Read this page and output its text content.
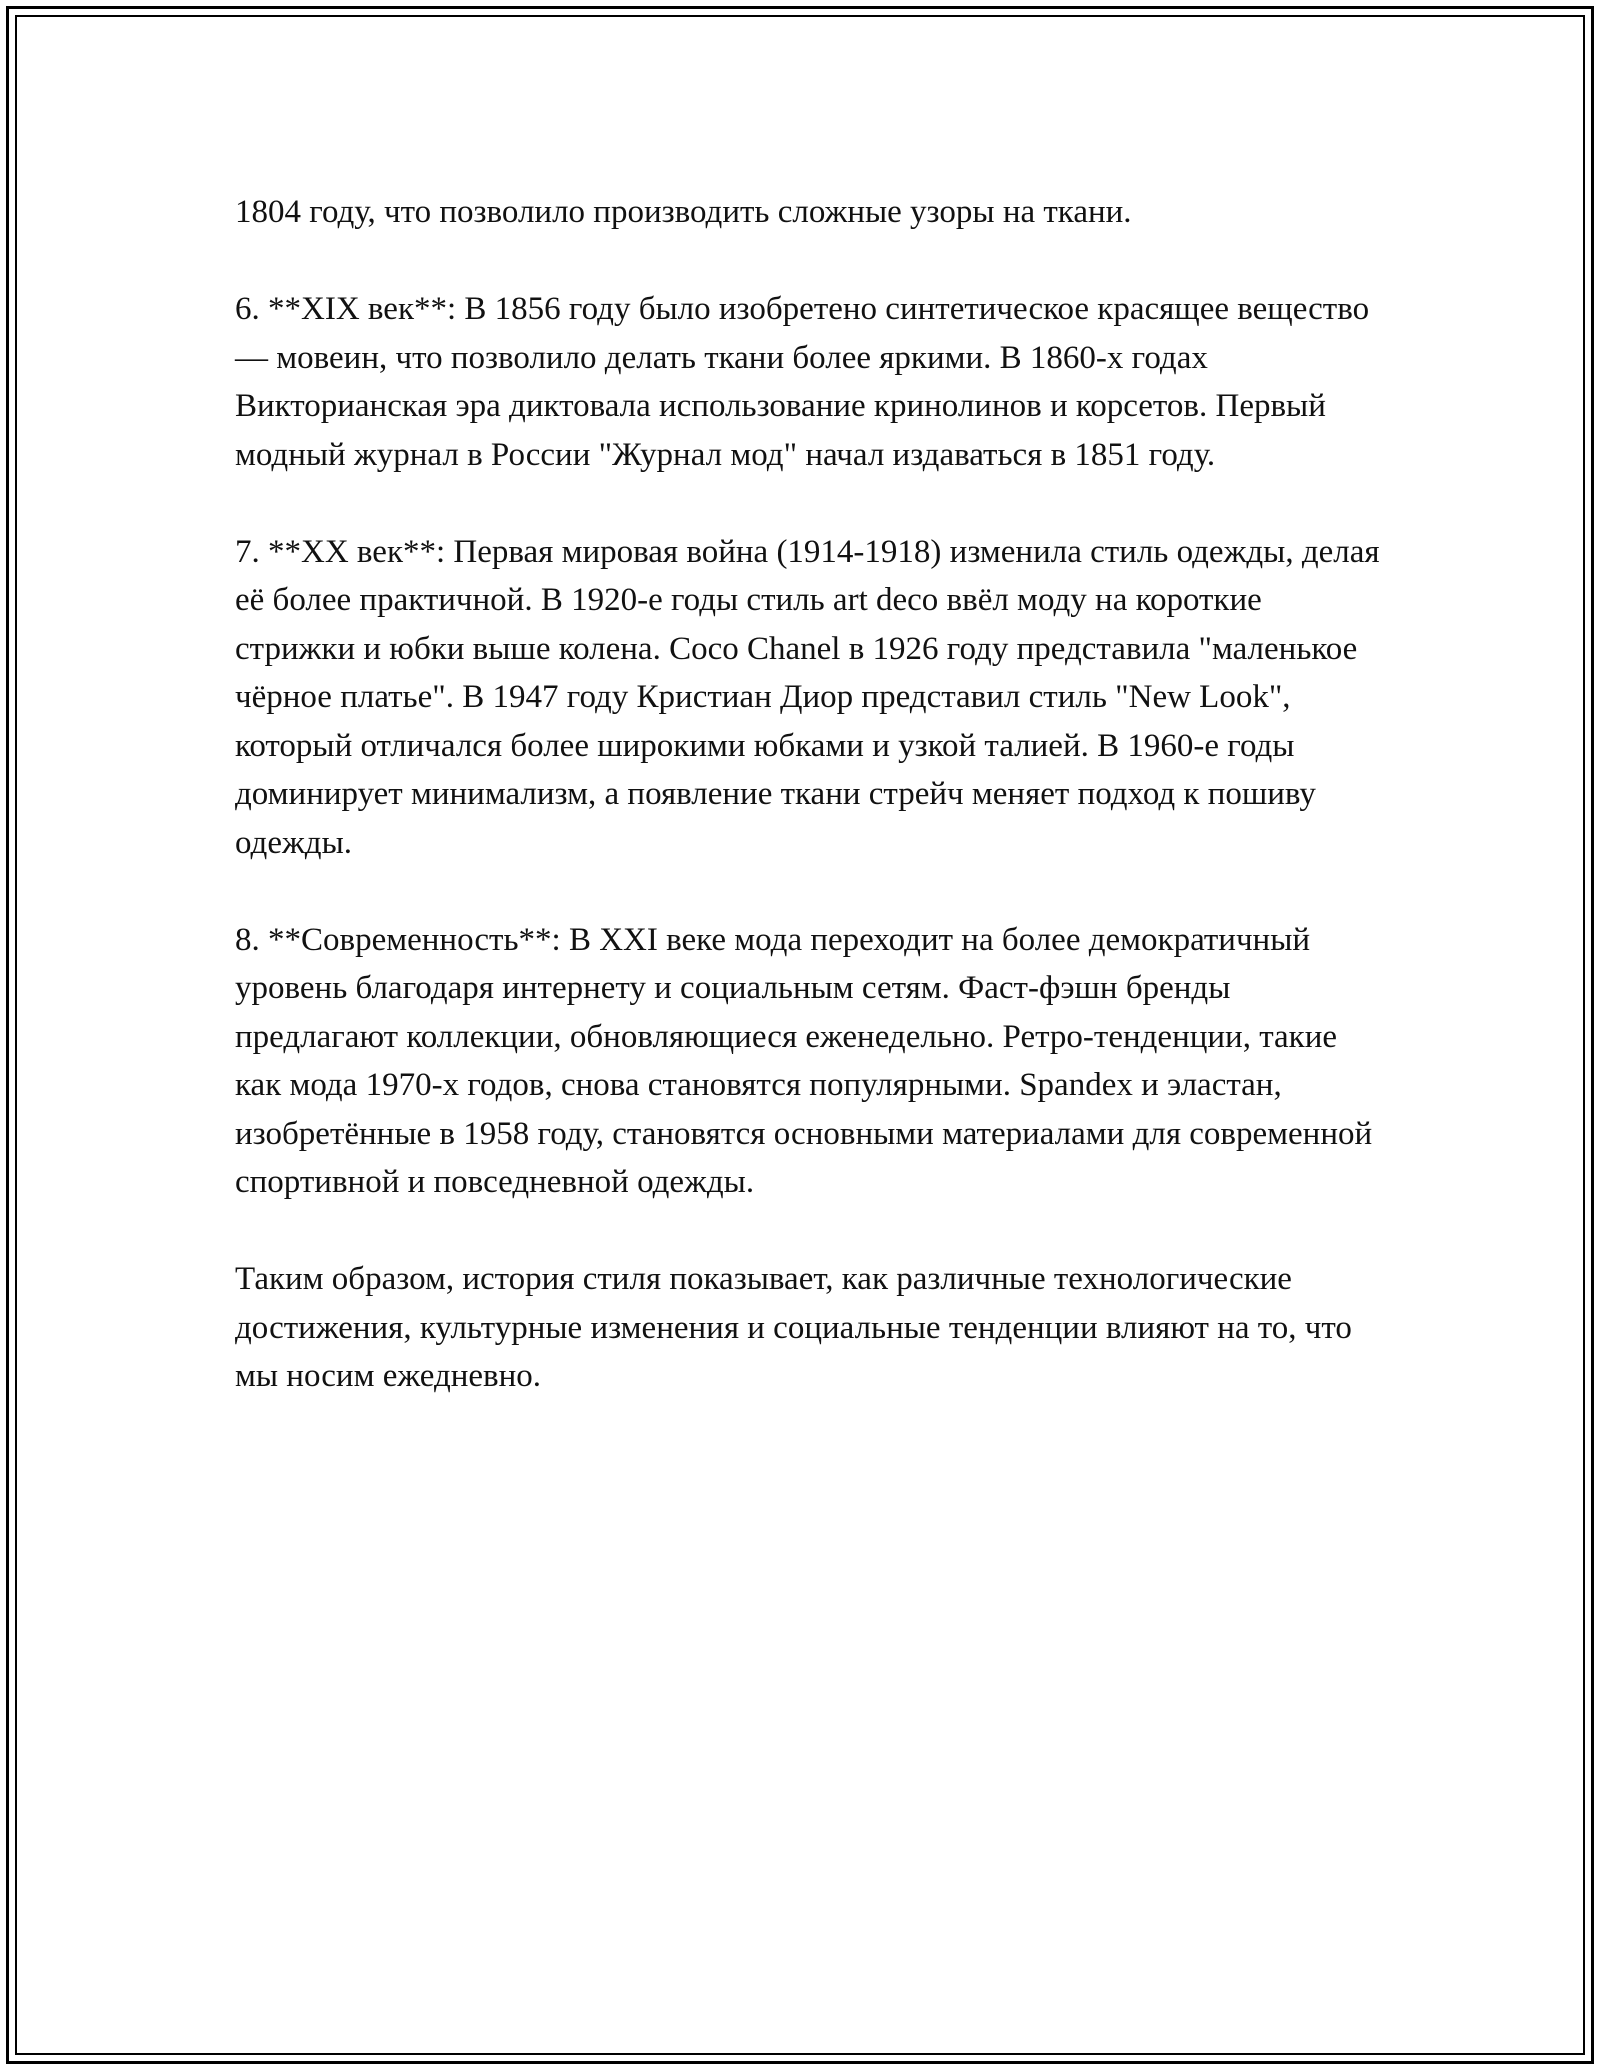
1804 году, что позволило производить сложные узоры на ткани.

6. **XIX век**: В 1856 году было изобретено синтетическое красящее вещество — мовеин, что позволило делать ткани более яркими. В 1860-х годах Викторианская эра диктовала использование кринолинов и корсетов. Первый модный журнал в России "Журнал мод" начал издаваться в 1851 году.

7. **XX век**: Первая мировая война (1914-1918) изменила стиль одежды, делая её более практичной. В 1920-е годы стиль art deco ввёл моду на короткие стрижки и юбки выше колена. Coco Chanel в 1926 году представила "маленькое чёрное платье". В 1947 году Кристиан Диор представил стиль "New Look", который отличался более широкими юбками и узкой талией. В 1960-е годы доминирует минимализм, а появление ткани стрейч меняет подход к пошиву одежды.

8. **Современность**: В XXI веке мода переходит на более демократичный уровень благодаря интернету и социальным сетям. Фаст-фэшн бренды предлагают коллекции, обновляющиеся еженедельно. Ретро-тенденции, такие как мода 1970-х годов, снова становятся популярными. Spandex и эластан, изобретённые в 1958 году, становятся основными материалами для современной спортивной и повседневной одежды.

Таким образом, история стиля показывает, как различные технологические достижения, культурные изменения и социальные тенденции влияют на то, что мы носим ежедневно.
